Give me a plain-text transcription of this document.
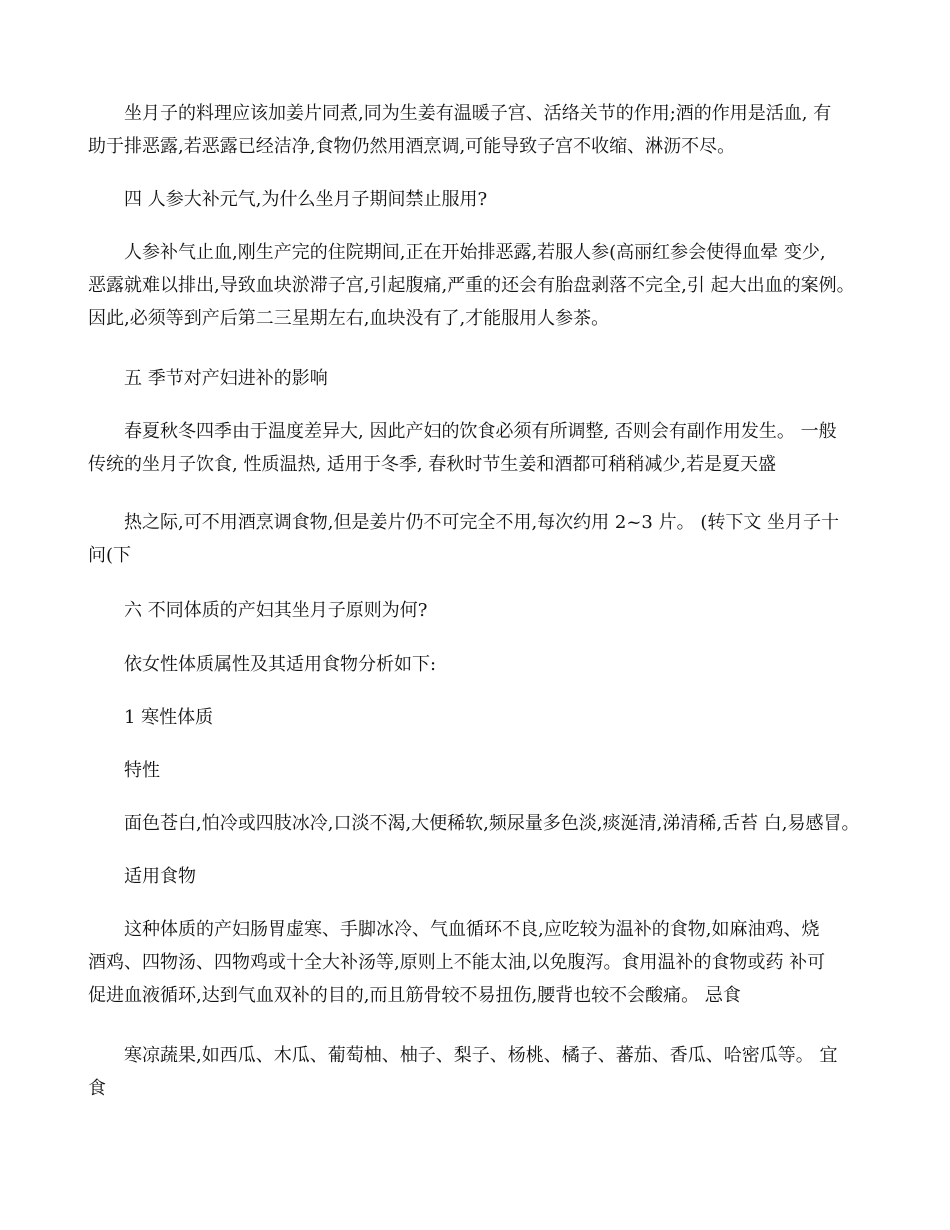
　　坐月子的料理应该加姜片同煮,同为生姜有温暖子宫、活络关节的作用;酒的作用是活血, 有
助于排恶露,若恶露已经洁净,食物仍然用酒烹调,可能导致子宫不收缩、淋沥不尽。

　　四 人参大补元气,为什么坐月子期间禁止服用?

　　人参补气止血,刚生产完的住院期间,正在开始排恶露,若服人参(高丽红参会使得血晕 变少,
恶露就难以排出,导致血块淤滞子宫,引起腹痛,严重的还会有胎盘剥落不完全,引 起大出血的案例。
因此,必须等到产后第二三星期左右,血块没有了,才能服用人参茶。

　　五 季节对产妇进补的影响

　　春夏秋冬四季由于温度差异大, 因此产妇的饮食必须有所调整, 否则会有副作用发生。 一般
传统的坐月子饮食, 性质温热, 适用于冬季, 春秋时节生姜和酒都可稍稍减少,若是夏天盛

　　热之际,可不用酒烹调食物,但是姜片仍不可完全不用,每次约用 2~3 片。 (转下文 坐月子十
问(下

　　六 不同体质的产妇其坐月子原则为何?

　　依女性体质属性及其适用食物分析如下:

　　1 寒性体质

　　特性

　　面色苍白,怕冷或四肢冰冷,口淡不渴,大便稀软,频尿量多色淡,痰涎清,涕清稀,舌苔 白,易感冒。

　　适用食物

　　这种体质的产妇肠胃虚寒、手脚冰冷、气血循环不良,应吃较为温补的食物,如麻油鸡、烧
酒鸡、四物汤、四物鸡或十全大补汤等,原则上不能太油,以免腹泻。食用温补的食物或药 补可
促进血液循环,达到气血双补的目的,而且筋骨较不易扭伤,腰背也较不会酸痛。 忌食

　　寒凉蔬果,如西瓜、木瓜、葡萄柚、柚子、梨子、杨桃、橘子、蕃茄、香瓜、哈密瓜等。 宜
食
